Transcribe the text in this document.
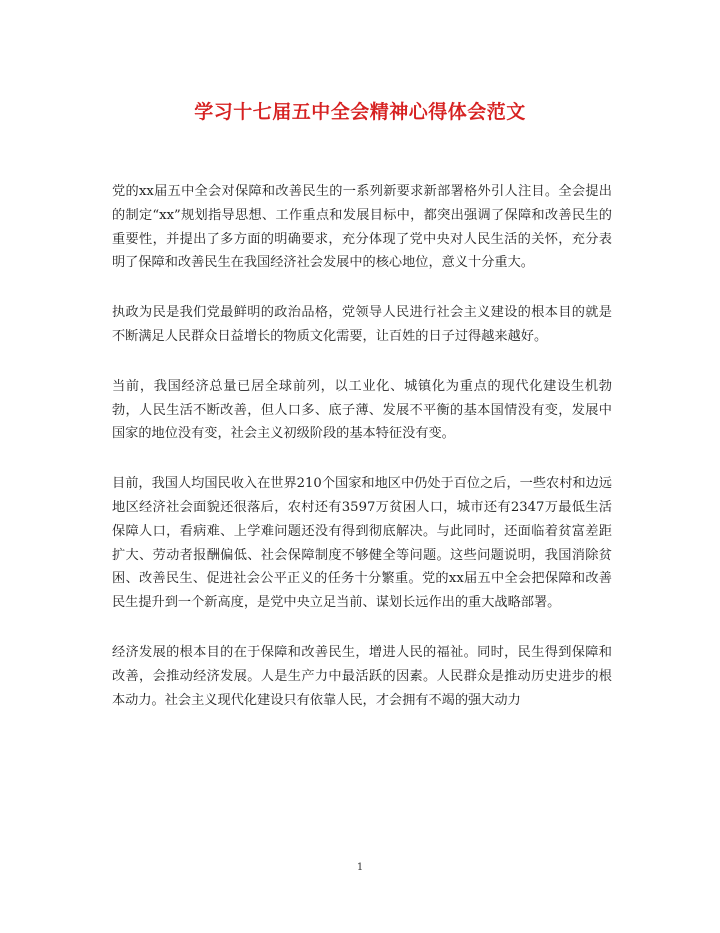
学习十七届五中全会精神心得体会范文

党的xx届五中全会对保障和改善民生的一系列新要求新部署格外引人注目。全会提出的制定“xx”规划指导思想、工作重点和发展目标中，都突出强调了保障和改善民生的重要性，并提出了多方面的明确要求，充分体现了党中央对人民生活的关怀，充分表明了保障和改善民生在我国经济社会发展中的核心地位，意义十分重大。

执政为民是我们党最鲜明的政治品格，党领导人民进行社会主义建设的根本目的就是不断满足人民群众日益增长的物质文化需要，让百姓的日子过得越来越好。

当前，我国经济总量已居全球前列，以工业化、城镇化为重点的现代化建设生机勃勃，人民生活不断改善，但人口多、底子薄、发展不平衡的基本国情没有变，发展中国家的地位没有变，社会主义初级阶段的基本特征没有变。

目前，我国人均国民收入在世界210个国家和地区中仍处于百位之后，一些农村和边远地区经济社会面貌还很落后，农村还有3597万贫困人口，城市还有2347万最低生活保障人口，看病难、上学难问题还没有得到彻底解决。与此同时，还面临着贫富差距扩大、劳动者报酬偏低、社会保障制度不够健全等问题。这些问题说明，我国消除贫困、改善民生、促进社会公平正义的任务十分繁重。党的xx届五中全会把保障和改善民生提升到一个新高度，是党中央立足当前、谋划长远作出的重大战略部署。

经济发展的根本目的在于保障和改善民生，增进人民的福祉。同时，民生得到保障和改善，会推动经济发展。人是生产力中最活跃的因素。人民群众是推动历史进步的根本动力。社会主义现代化建设只有依靠人民，才会拥有不竭的强大动力

1
